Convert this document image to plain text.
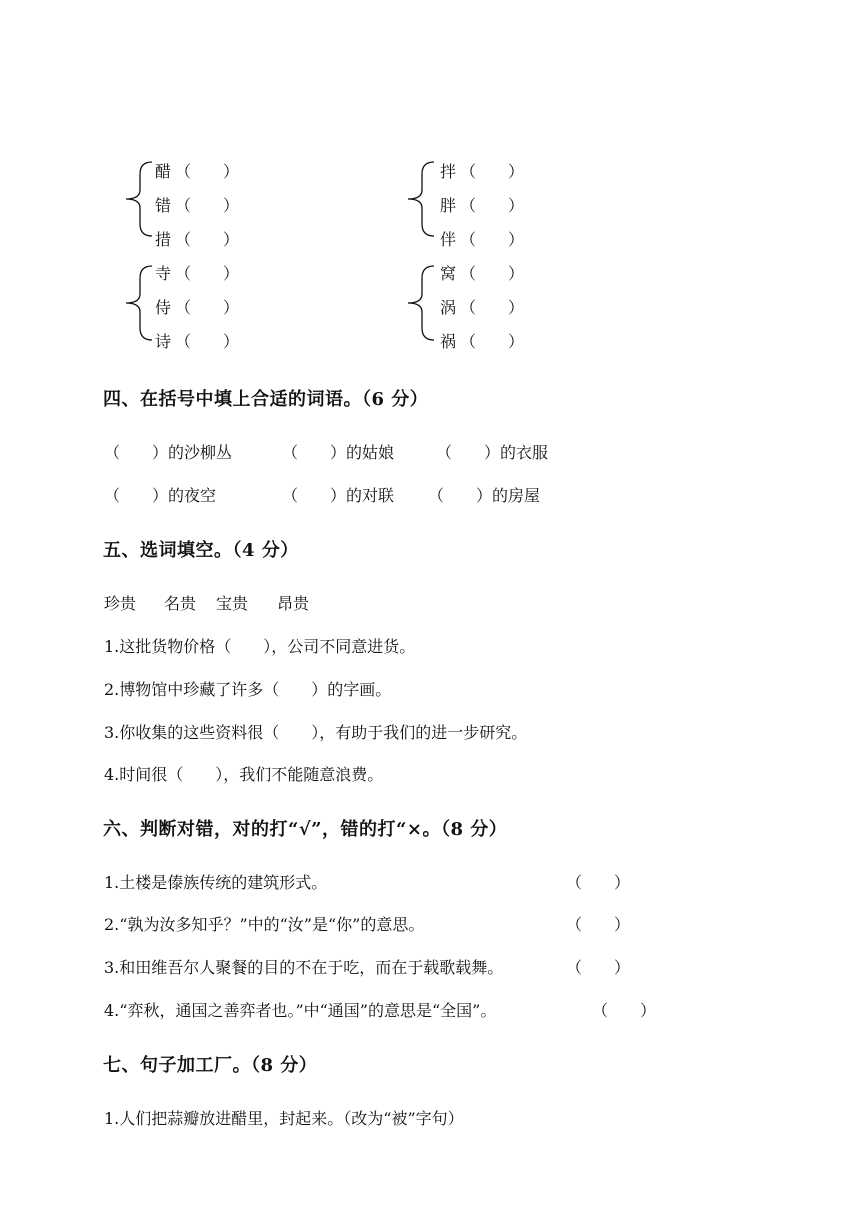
醋 （　　）
错 （　　）
措 （　　）
拌 （　　）
胖 （　　）
伴 （　　）
寺 （　　）
侍 （　　）
诗 （　　）
窝 （　　）
涡 （　　）
祸 （　　）
四、在括号中填上合适的词语。（6 分）
（　　）的沙柳丛	（　　）的姑娘	（　　）的衣服
（　　）的夜空	（　　）的对联 （　　）的房屋
五、选词填空。（4 分）
珍贵 名贵 宝贵 昂贵
1.这批货物价格（　　），公司不同意进货。
2.博物馆中珍藏了许多（　　）的字画。
3.你收集的这些资料很（　　），有助于我们的进一步研究。
4.时间很（　　），我们不能随意浪费。
六、判断对错，对的打“√”，错的打“×。（8 分）
1.土楼是傣族传统的建筑形式。	（　　）
2.“孰为汝多知乎？”中的“汝”是“你”的意思。	（　　）
3.和田维吾尔人聚餐的目的不在于吃，而在于载歌载舞。	（　　）
4.“弈秋，通国之善弈者也。”中“通国”的意思是“全国”。	（　　）
七、句子加工厂。（8 分）
1.人们把蒜瓣放进醋里，封起来。（改为“被”字句）
